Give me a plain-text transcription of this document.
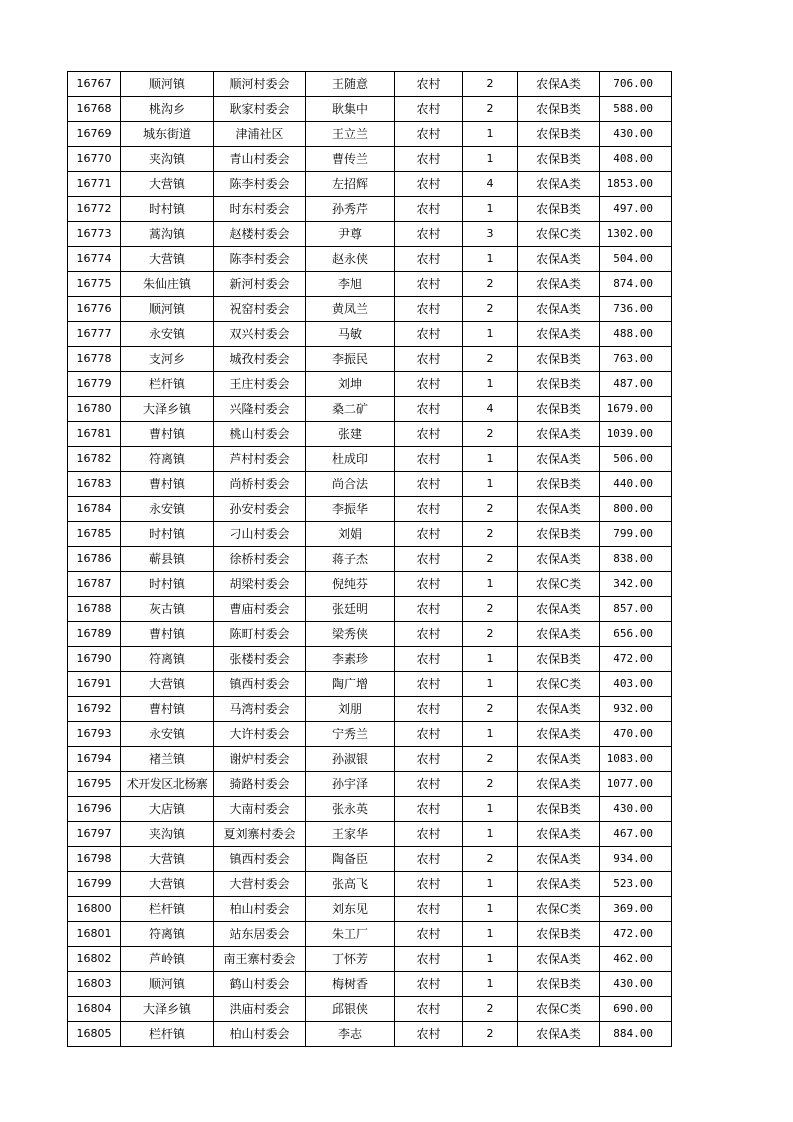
16767	顺河镇	顺河村委会	王随意	农村	2	农保A类	706.00
16768	桃沟乡	耿家村委会	耿集中	农村	2	农保B类	588.00
16769	城东街道	津浦社区	王立兰	农村	1	农保B类	430.00
16770	夹沟镇	青山村委会	曹传兰	农村	1	农保B类	408.00
16771	大营镇	陈李村委会	左招辉	农村	4	农保A类	1853.00
16772	时村镇	时东村委会	孙秀芹	农村	1	农保B类	497.00
16773	蒿沟镇	赵楼村委会	尹尊	农村	3	农保C类	1302.00
16774	大营镇	陈李村委会	赵永侠	农村	1	农保A类	504.00
16775	朱仙庄镇	新河村委会	李旭	农村	2	农保A类	874.00
16776	顺河镇	祝窑村委会	黄凤兰	农村	2	农保A类	736.00
16777	永安镇	双兴村委会	马敏	农村	1	农保A类	488.00
16778	支河乡	城孜村委会	李振民	农村	2	农保B类	763.00
16779	栏杆镇	王庄村委会	刘坤	农村	1	农保B类	487.00
16780	大泽乡镇	兴隆村委会	桑二矿	农村	4	农保B类	1679.00
16781	曹村镇	桃山村委会	张建	农村	2	农保A类	1039.00
16782	符离镇	芦村村委会	杜成印	农村	1	农保A类	506.00
16783	曹村镇	尚桥村委会	尚合法	农村	1	农保B类	440.00
16784	永安镇	孙安村委会	李振华	农村	2	农保A类	800.00
16785	时村镇	刁山村委会	刘娟	农村	2	农保B类	799.00
16786	蕲县镇	徐桥村委会	蒋子杰	农村	2	农保A类	838.00
16787	时村镇	胡梁村委会	倪纯芬	农村	1	农保C类	342.00
16788	灰古镇	曹庙村委会	张廷明	农村	2	农保A类	857.00
16789	曹村镇	陈町村委会	梁秀侠	农村	2	农保A类	656.00
16790	符离镇	张楼村委会	李素珍	农村	1	农保B类	472.00
16791	大营镇	镇西村委会	陶广增	农村	1	农保C类	403.00
16792	曹村镇	马湾村委会	刘朋	农村	2	农保A类	932.00
16793	永安镇	大许村委会	宁秀兰	农村	1	农保A类	470.00
16794	褚兰镇	谢炉村委会	孙淑银	农村	2	农保A类	1083.00
16795	术开发区北杨寨	骑路村委会	孙宇泽	农村	2	农保A类	1077.00
16796	大店镇	大南村委会	张永英	农村	1	农保B类	430.00
16797	夹沟镇	夏刘寨村委会	王家华	农村	1	农保A类	467.00
16798	大营镇	镇西村委会	陶备臣	农村	2	农保A类	934.00
16799	大营镇	大营村委会	张高飞	农村	1	农保A类	523.00
16800	栏杆镇	柏山村委会	刘东见	农村	1	农保C类	369.00
16801	符离镇	站东居委会	朱工厂	农村	1	农保B类	472.00
16802	芦岭镇	南王寨村委会	丁怀芳	农村	1	农保A类	462.00
16803	顺河镇	鹤山村委会	梅树香	农村	1	农保B类	430.00
16804	大泽乡镇	洪庙村委会	邱银侠	农村	2	农保C类	690.00
16805	栏杆镇	柏山村委会	李志	农村	2	农保A类	884.00
